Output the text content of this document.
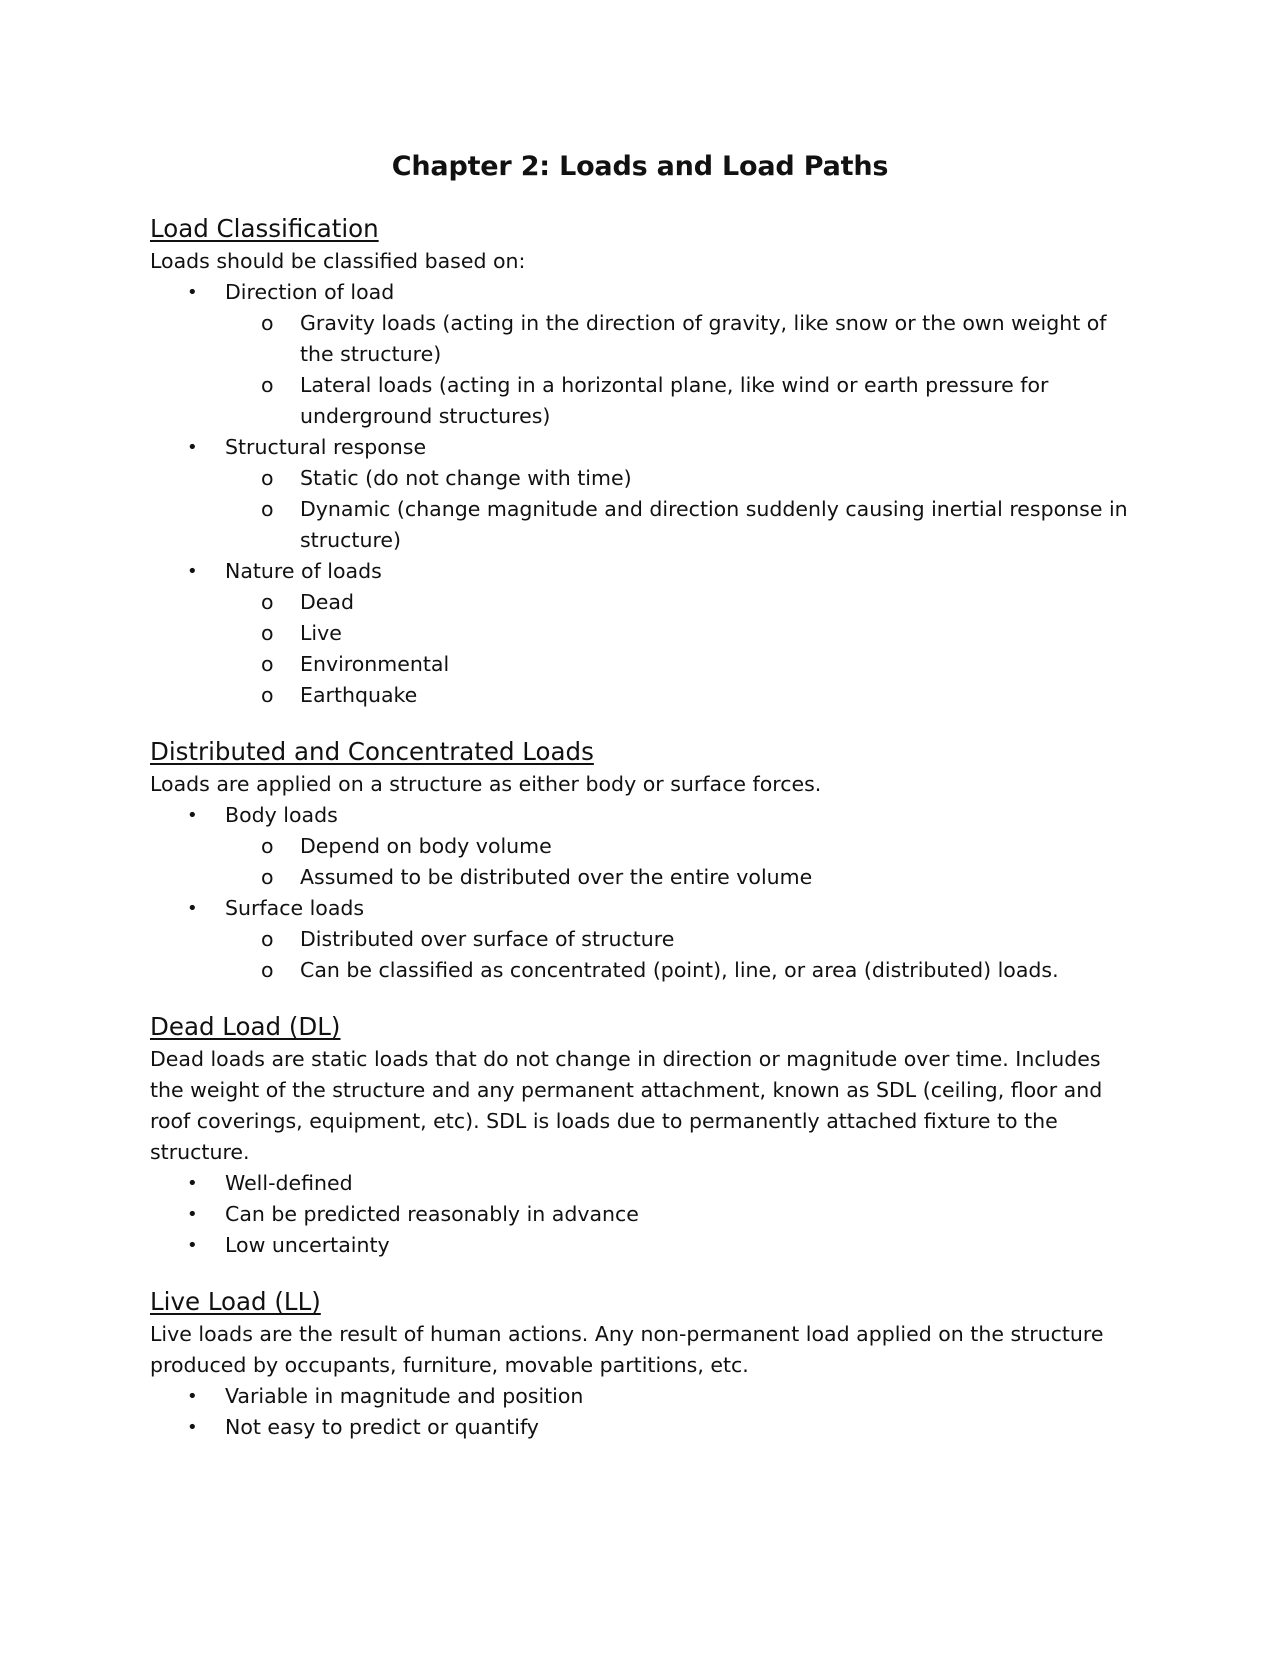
Chapter 2: Loads and Load Paths
Load Classification
Loads should be classified based on:
• Direction of load
o Gravity loads (acting in the direction of gravity, like snow or the own weight of the structure)
o Lateral loads (acting in a horizontal plane, like wind or earth pressure for underground structures)
• Structural response
o Static (do not change with time)
o Dynamic (change magnitude and direction suddenly causing inertial response in structure)
• Nature of loads
o Dead
o Live
o Environmental
o Earthquake
Distributed and Concentrated Loads
Loads are applied on a structure as either body or surface forces.
• Body loads
o Depend on body volume
o Assumed to be distributed over the entire volume
• Surface loads
o Distributed over surface of structure
o Can be classified as concentrated (point), line, or area (distributed) loads.
Dead Load (DL)
Dead loads are static loads that do not change in direction or magnitude over time. Includes the weight of the structure and any permanent attachment, known as SDL (ceiling, floor and roof coverings, equipment, etc). SDL is loads due to permanently attached fixture to the structure.
• Well-defined
• Can be predicted reasonably in advance
• Low uncertainty
Live Load (LL)
Live loads are the result of human actions. Any non-permanent load applied on the structure produced by occupants, furniture, movable partitions, etc.
• Variable in magnitude and position
• Not easy to predict or quantify
